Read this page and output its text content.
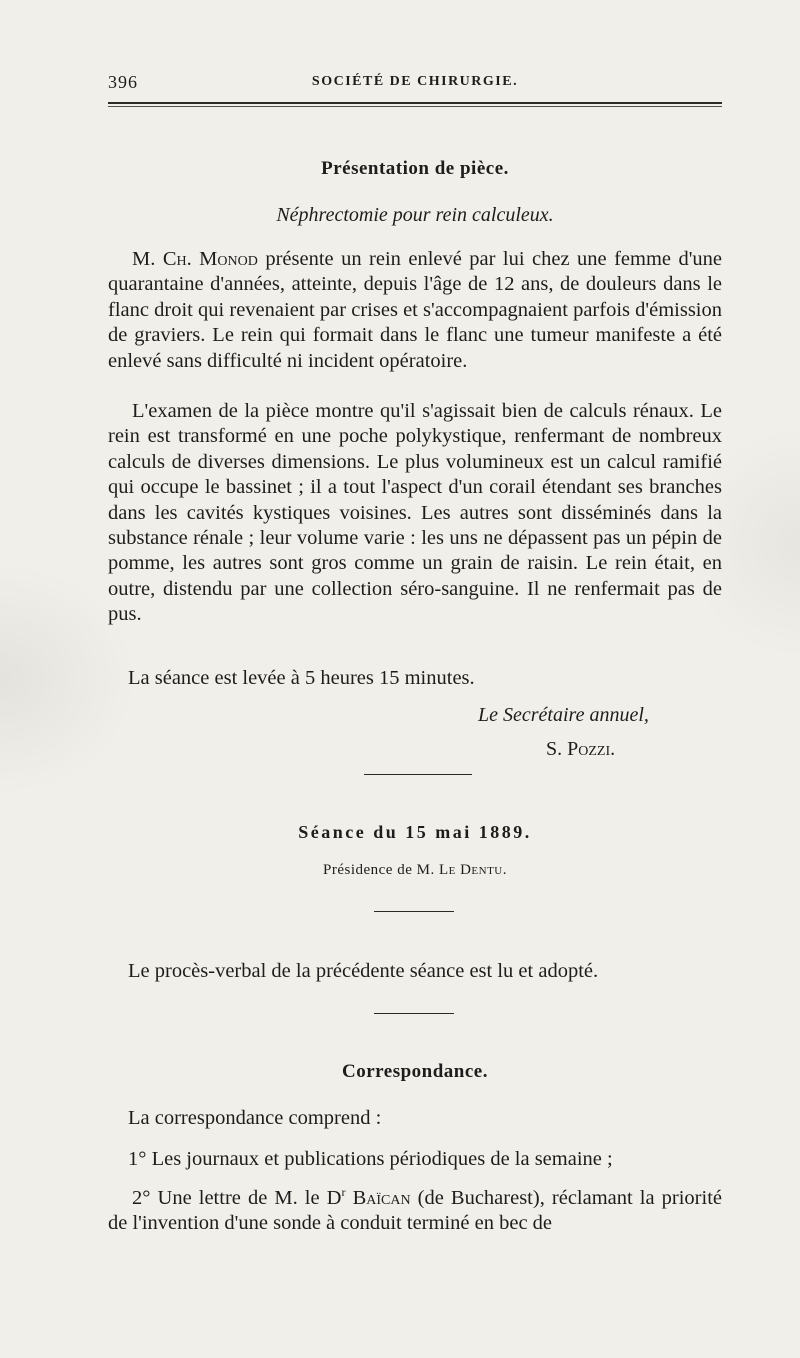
396	SOCIÉTÉ DE CHIRURGIE.
Présentation de pièce.
Néphrectomie pour rein calculeux.

M. Ch. Monod présente un rein enlevé par lui chez une femme d'une quarantaine d'années, atteinte, depuis l'âge de 12 ans, de douleurs dans le flanc droit qui revenaient par crises et s'accompagnaient parfois d'émission de graviers. Le rein qui formait dans le flanc une tumeur manifeste a été enlevé sans difficulté ni incident opératoire.

L'examen de la pièce montre qu'il s'agissait bien de calculs rénaux. Le rein est transformé en une poche polykystique, renfermant de nombreux calculs de diverses dimensions. Le plus volumineux est un calcul ramifié qui occupe le bassinet ; il a tout l'aspect d'un corail étendant ses branches dans les cavités kystiques voisines. Les autres sont disséminés dans la substance rénale ; leur volume varie : les uns ne dépassent pas un pépin de pomme, les autres sont gros comme un grain de raisin. Le rein était, en outre, distendu par une collection séro-sanguine. Il ne renfermait pas de pus.

La séance est levée à 5 heures 15 minutes.

Le Secrétaire annuel,
S. Pozzi.
Séance du 15 mai 1889.
Présidence de M. Le Dentu.

Le procès-verbal de la précédente séance est lu et adopté.

Correspondance.

La correspondance comprend :

1° Les journaux et publications périodiques de la semaine ;

2° Une lettre de M. le $D^r$ Baïcan (de Bucharest), réclamant la priorité de l'invention d'une sonde à conduit terminé en bec de
